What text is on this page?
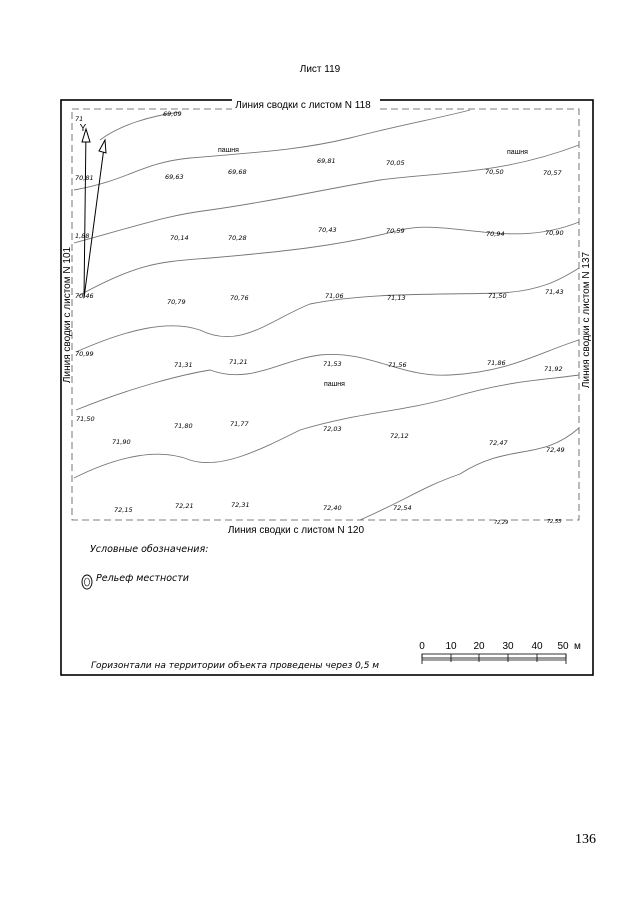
Лист 119
Линия сводки с листом N 118
Линия сводки с листом N 120
Линия сводки с листом N 101	Линия сводки с листом N 137
Y
пашня	пашня
пашня
69,09
71
70,81
69,81	70,05
70,50	70,57
69,63
69,68
1,88	70,14	70,28
70,43	70,59	70,94	70,90
70,46
70,79	70,76	71,06	71,13	71,50	71,43
70,99
71,31	71,21	71,53	71,56	71,86
71,92
71,50
71,90
71,80	71,77
72,03
72,12
72,47
72,49
72,15	72,21	72,31	72,40	72,54
72,29	72,53
Условные обозначения:
Рельеф местности
Горизонтали на территории объекта проведены через 0,5 м
0 10 20 30 40 50 м
136
